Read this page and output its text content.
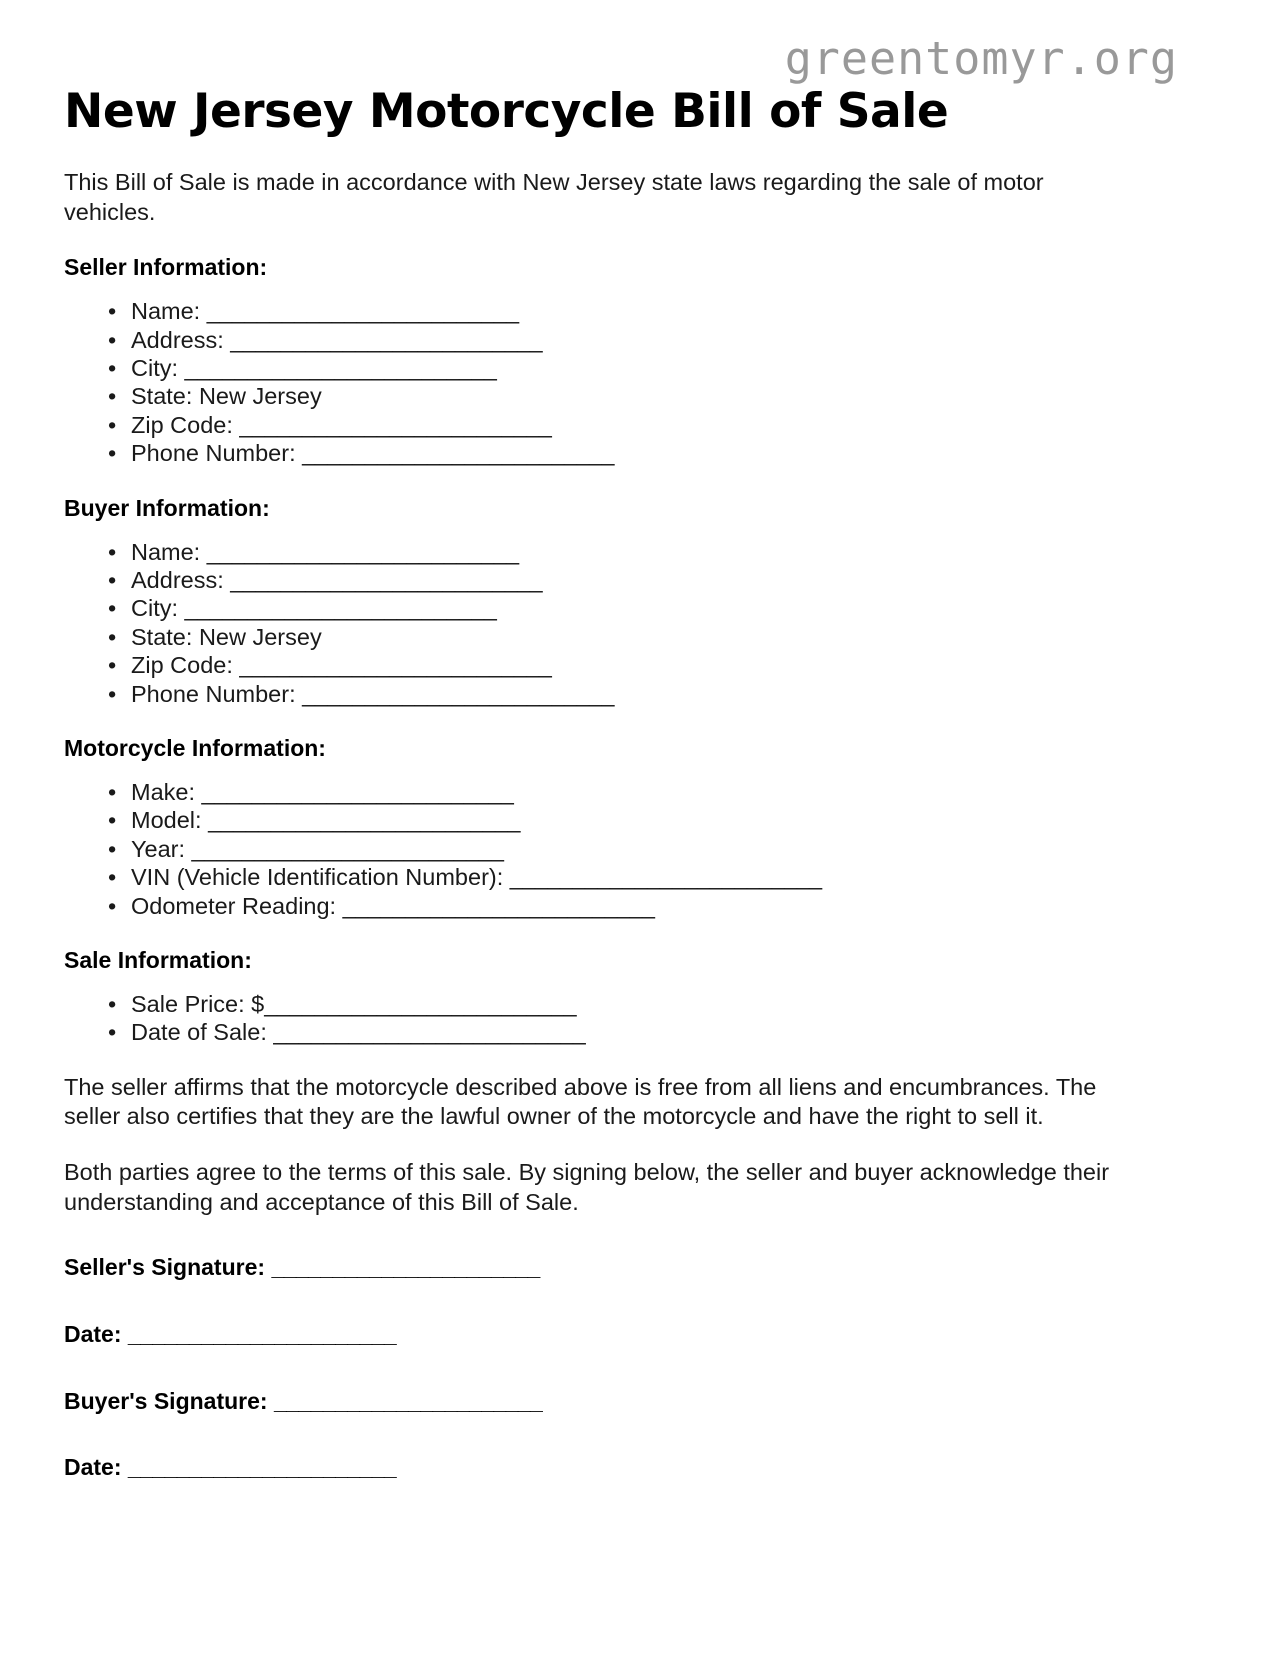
greentomyr.org
New Jersey Motorcycle Bill of Sale

This Bill of Sale is made in accordance with New Jersey state laws regarding the sale of motor vehicles.

Seller Information:
• Name: _________________________
• Address: _________________________
• City: _________________________
• State: New Jersey
• Zip Code: _________________________
• Phone Number: _________________________
Buyer Information:
• Name: _________________________
• Address: _________________________
• City: _________________________
• State: New Jersey
• Zip Code: _________________________
• Phone Number: _________________________
Motorcycle Information:
• Make: _________________________
• Model: _________________________
• Year: _________________________
• VIN (Vehicle Identification Number): _________________________
• Odometer Reading: _________________________
Sale Information:
• Sale Price: $_________________________
• Date of Sale: _________________________

The seller affirms that the motorcycle described above is free from all liens and encumbrances. The seller also certifies that they are the lawful owner of the motorcycle and have the right to sell it.

Both parties agree to the terms of this sale. By signing below, the seller and buyer acknowledge their understanding and acceptance of this Bill of Sale.

Seller's Signature: ______________________

Date: ______________________

Buyer's Signature: ______________________

Date: ______________________
